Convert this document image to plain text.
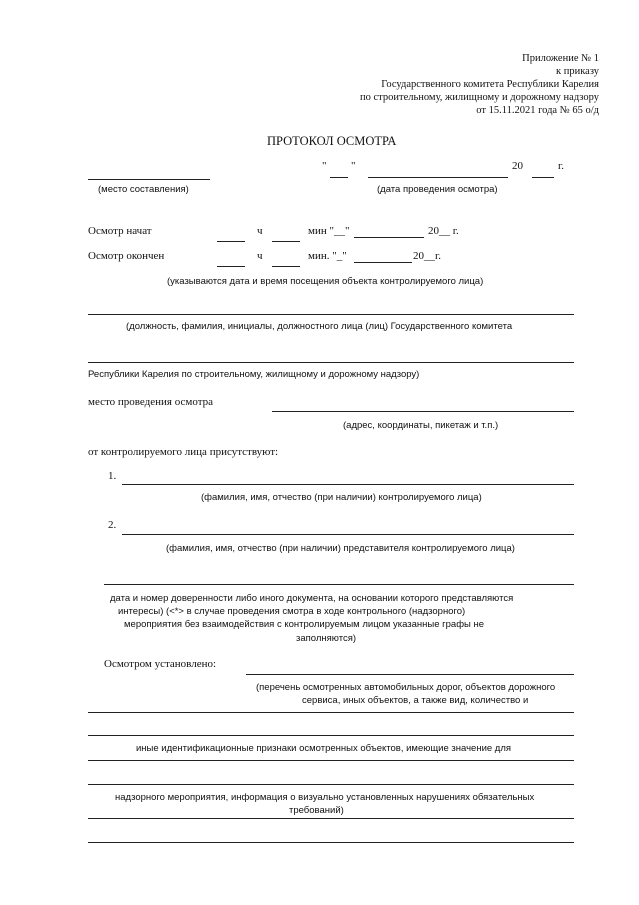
Приложение № 1
к приказу
Государственного комитета Республики Карелия
по строительному, жилищному и дорожному надзору
от 15.11.2021 года № 65 о/д
ПРОТОКОЛ ОСМОТРА
" "	20	г.
(место составления)	(дата проведения осмотра)
Осмотр начат	ч	мин "__"	20__ г.
Осмотр окончен	ч	мин. "_"	20__г.
(указываются дата и время посещения объекта контролируемого лица)
(должность, фамилия, инициалы, должностного лица (лиц) Государственного комитета
Республики Карелия по строительному, жилищному и дорожному надзору)
место проведения осмотра
(адрес, координаты, пикетаж и т.п.)
от контролируемого лица присутствуют:
1.
(фамилия, имя, отчество (при наличии) контролируемого лица)
2.
(фамилия, имя, отчество (при наличии) представителя контролируемого лица)
дата и номер доверенности либо иного документа, на основании которого представляются
интересы) (<*> в случае проведения смотра в ходе контрольного (надзорного)
мероприятия без взаимодействия с контролируемым лицом указанные графы не
заполняются)
Осмотром установлено:
(перечень осмотренных автомобильных дорог, объектов дорожного
сервиса, иных объектов, а также вид, количество и
иные идентификационные признаки осмотренных объектов, имеющие значение для
надзорного мероприятия, информация о визуально установленных нарушениях обязательных
требований)
